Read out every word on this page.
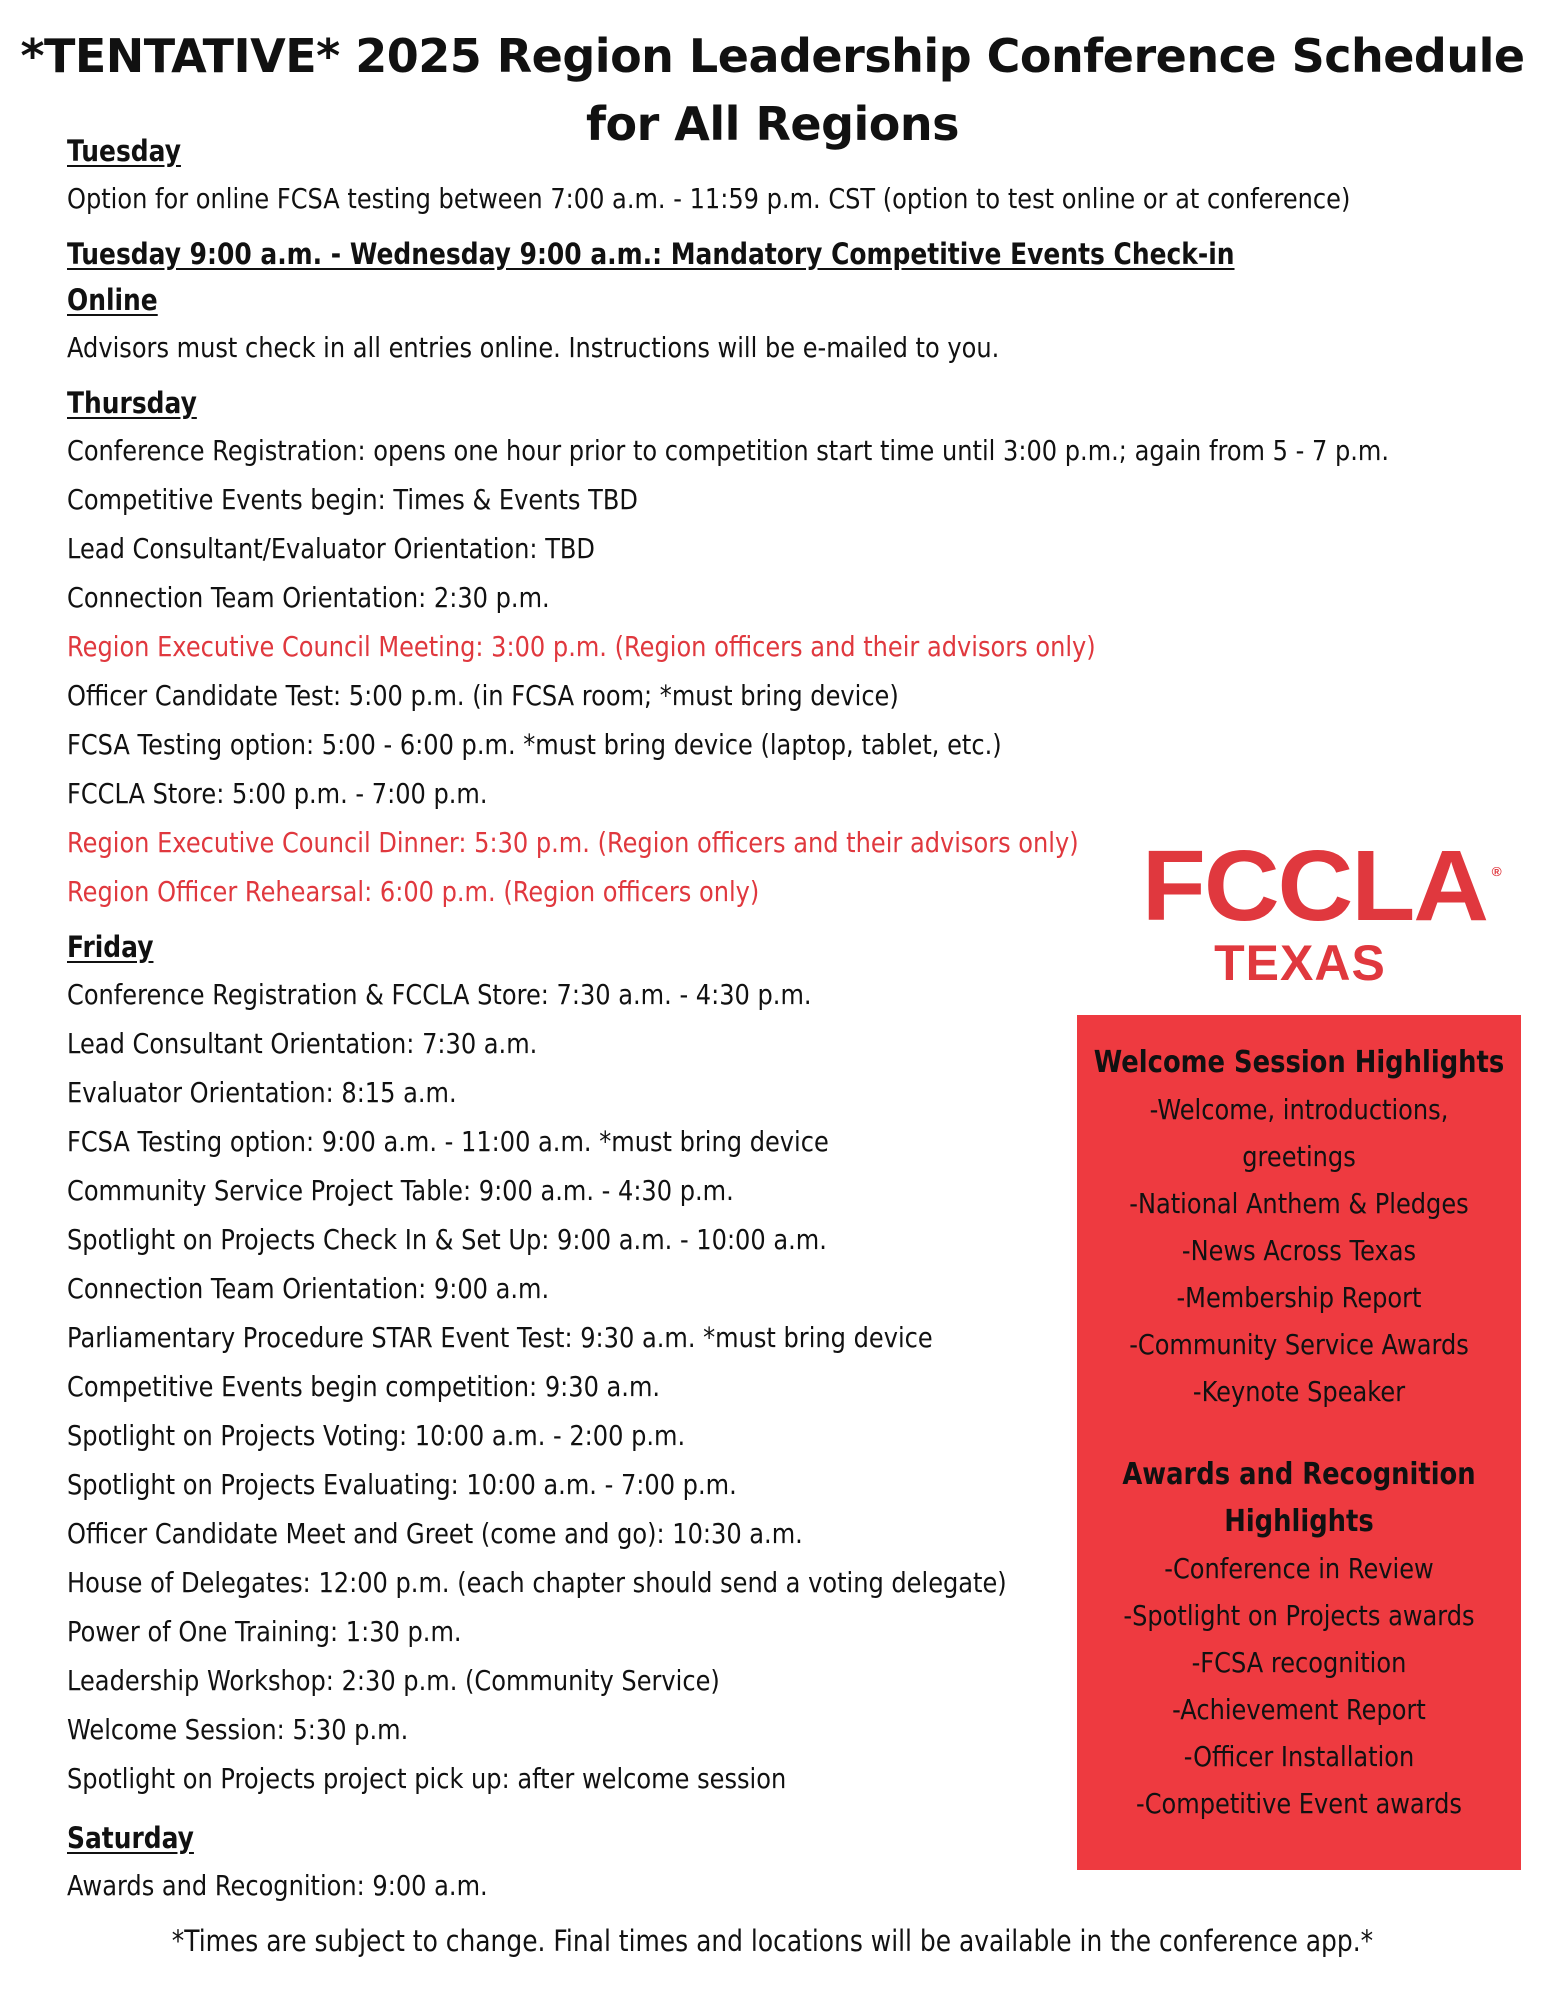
*TENTATIVE* 2025 Region Leadership Conference Schedule
for All Regions
Tuesday
Option for online FCSA testing between 7:00 a.m. - 11:59 p.m. CST (option to test online or at conference)
Tuesday 9:00 a.m. - Wednesday 9:00 a.m.: Mandatory Competitive Events Check-in Online
Advisors must check in all entries online. Instructions will be e-mailed to you.
Thursday
Conference Registration: opens one hour prior to competition start time until 3:00 p.m.; again from 5 - 7 p.m.
Competitive Events begin: Times & Events TBD
Lead Consultant/Evaluator Orientation: TBD
Connection Team Orientation: 2:30 p.m.
Region Executive Council Meeting: 3:00 p.m. (Region officers and their advisors only)
Officer Candidate Test: 5:00 p.m. (in FCSA room; *must bring device)
FCSA Testing option: 5:00 - 6:00 p.m. *must bring device (laptop, tablet, etc.)
FCCLA Store: 5:00 p.m. - 7:00 p.m.
Region Executive Council Dinner: 5:30 p.m. (Region officers and their advisors only)
Region Officer Rehearsal: 6:00 p.m. (Region officers only)
Friday
Conference Registration & FCCLA Store: 7:30 a.m. - 4:30 p.m.
Lead Consultant Orientation: 7:30 a.m.
Evaluator Orientation: 8:15 a.m.
FCSA Testing option: 9:00 a.m. - 11:00 a.m. *must bring device
Community Service Project Table: 9:00 a.m. - 4:30 p.m.
Spotlight on Projects Check In & Set Up: 9:00 a.m. - 10:00 a.m.
Connection Team Orientation: 9:00 a.m.
Parliamentary Procedure STAR Event Test: 9:30 a.m. *must bring device
Competitive Events begin competition: 9:30 a.m.
Spotlight on Projects Voting: 10:00 a.m. - 2:00 p.m.
Spotlight on Projects Evaluating: 10:00 a.m. - 7:00 p.m.
Officer Candidate Meet and Greet (come and go): 10:30 a.m.
House of Delegates: 12:00 p.m. (each chapter should send a voting delegate)
Power of One Training: 1:30 p.m.
Leadership Workshop: 2:30 p.m. (Community Service)
Welcome Session: 5:30 p.m.
Spotlight on Projects project pick up: after welcome session
Saturday
Awards and Recognition: 9:00 a.m.
FCCLA ®
TEXAS
Welcome Session Highlights
-Welcome, introductions,
greetings
-National Anthem & Pledges
-News Across Texas
-Membership Report
-Community Service Awards
-Keynote Speaker
Awards and Recognition
Highlights
-Conference in Review
-Spotlight on Projects awards
-FCSA recognition
-Achievement Report
-Officer Installation
-Competitive Event awards
*Times are subject to change. Final times and locations will be available in the conference app.*
